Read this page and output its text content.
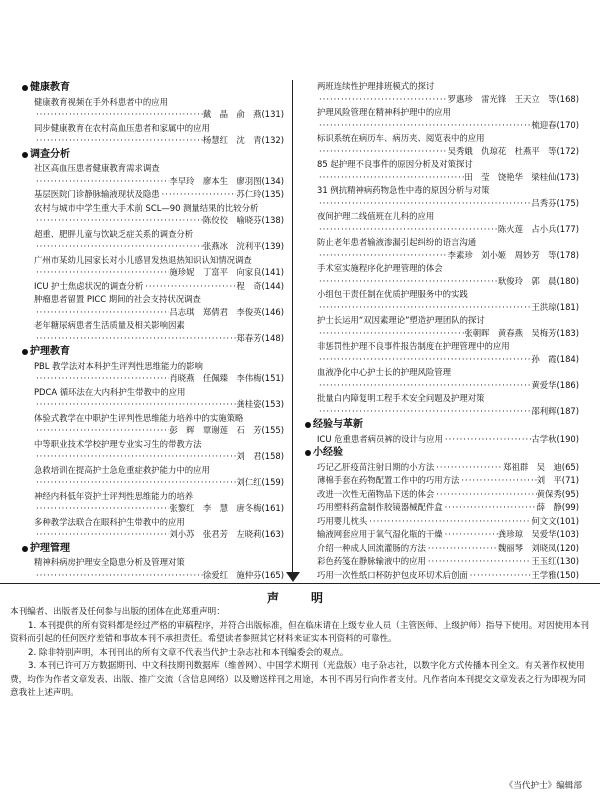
健康教育
健康教育视频在手外科患者中的应用
·····
戴　晶　俞　燕 (131)
同步健康教育在农村高血压患者和家属中的应用
·····
杨慧红　沈　青 (132)
调查分析
社区高血压患者健康教育需求调查
·····
李早玲　廖本生　廖羽图 (134)
基层医院门诊静脉输液现状及隐患 ·····	苏仁玲 (135)
农村与城市中学生重大手术前 SCL—90 测量结果的比较分析
·····
陈佼佼　喻晓芬 (138)
超重、肥胖儿童与饮缺乏症关系的调查分析
·····
张燕冰　浣利平 (139)
广州市某幼儿园家长对小儿感冒发热退热知识认知情况调查
·····
施珍妮　丁富平　向家良 (141)
ICU 护士焦虑状况的调查分析 ·····	程　奇 (144)
肿瘤患者留置 PICC 期间的社会支持状况调查
·····
吕志琪　郑倩君　李俊英 (146)
老年糖尿病患者生活质量及相关影响因素
·····
郑春芳 (148)
护理教育
PBL 教学法对本科护生评判性思维能力的影响
·····
肖晓燕　任佩臻　李伟梅 (151)
PDCA 循环法在大内科护生带教中的应用
·····
龚桂姿 (153)
体验式教学在中职护生评判性思维能力培养中的实施策略
·····
彭　辉　覃谢莲　石　芳 (155)
中等职业技术学校护理专业实习生的带教方法
·····
刘　君 (158)
急救培训在提高护士急危重症救护能力中的应用
·····
刘仁红 (159)
神经内科低年资护士评判性思维能力的培养
·····
张黎红　李　慧　唐冬梅 (161)
多种教学法联合在眼科护生带教中的应用
·····
刘小苏　张君芳　左晓莉 (163)
护理管理
精神科病房护理安全隐患分析及管理对策
·····
徐爱红　施仲芬 (165)
两班连续性护理排班模式的探讨
·····
罗惠珍　雷光锋　王天立　等 (168)
护理风险管理在精神科护理中的应用
·····
梳迎春 (170)
标识系统在病历车、病历夹、阅览表中的应用
·····
吴秀娥　仇琼花　杜燕平　等 (172)
85 起护理不良事件的原因分析及对策探讨
·····
田　莹　饶艳华　梁桂仙 (173)
31 例抗精神病药物急性中毒的原因分析与对策
·····
吕秀芬 (175)
夜间护理二线值班在儿科的应用
·····
陈火莲　占小兵 (177)
防止老年患者输液渗漏引起纠纷的语言沟通
·····
李素珍　刘小姬　周妙芳　等 (178)
手术室实施程序化护理管理的体会
·····
耿俊玲　郭　晨 (180)
小组包干责任制在优质护理服务中的实践
·····
王洪琼 (181)
护士长运用“双因素理论”塑造护理团队的探讨
·····
张朝晖　黄春燕　吴梅芳 (183)
非惩罚性护理不良事件报告制度在护理管理中的应用
·····
孙　霞 (184)
血液净化中心护士长的护理风险管理
·····
黄爱华 (186)
批量白内障复明工程手术安全问题及护理对策
·····
邵利辉 (187)
经验与革新
ICU 危重患者病员裤的设计与应用 ·····	古学秋 (190)
小经验
巧记乙肝疫苗注射日期的小方法 ·····	郑祖群　吴　迪 (65)
薄棉手套在药物配置工作中的巧用方法 ·····	刘　平 (71)
改进一次性无菌物品下送的体会 ·····	黄保秀 (95)
巧用塑料药盒制作胶镜器械配件盒 ·····	薛　静 (99)
巧用婴儿枕头 ·····	何文文 (101)
输液网套应用于氧气湿化瓶的干燥 ·····	龚珍琼　吴爱华 (103)
介绍一种成人回流灌肠的方法 ·····	魏丽琴　刘晓凤 (120)
彩色药笺在静脉输液中的应用 ·····	王玉红 (130)
巧用一次性纸口杯防护包皮环切术后创面 ·····	王学雅 (150)
声　明

本刊编者、出版者及任何参与出版的团体在此郑重声明：

1. 本刊提供的所有资料都是经过严格的审稿程序，并符合出版标准，但在临床请在上级专业人员（主管医师、上级护师）指导下使用。对因使用本刊资料而引起的任何医疗差错和事故本刊不承担责任。希望读者参照其它材料来证实本刊资料的可靠性。

2. 除非特别声明，本刊刊出的所有文章不代表当代护士杂志社和本刊编委会的观点。

3. 本刊已许可万方数据期刊、中文科技期刊数据库（维普网）、中国学术期刊（光盘版）电子杂志社，以数字化方式传播本刊全文。有关著作权使用费，均作为作者文章发表、出版、推广交流（含信息网络）以及赠送样刊之用途，本刊不再另行向作者支付。凡作者向本刊提交文章发表之行为即视为同意我社上述声明。

《当代护士》编辑部
